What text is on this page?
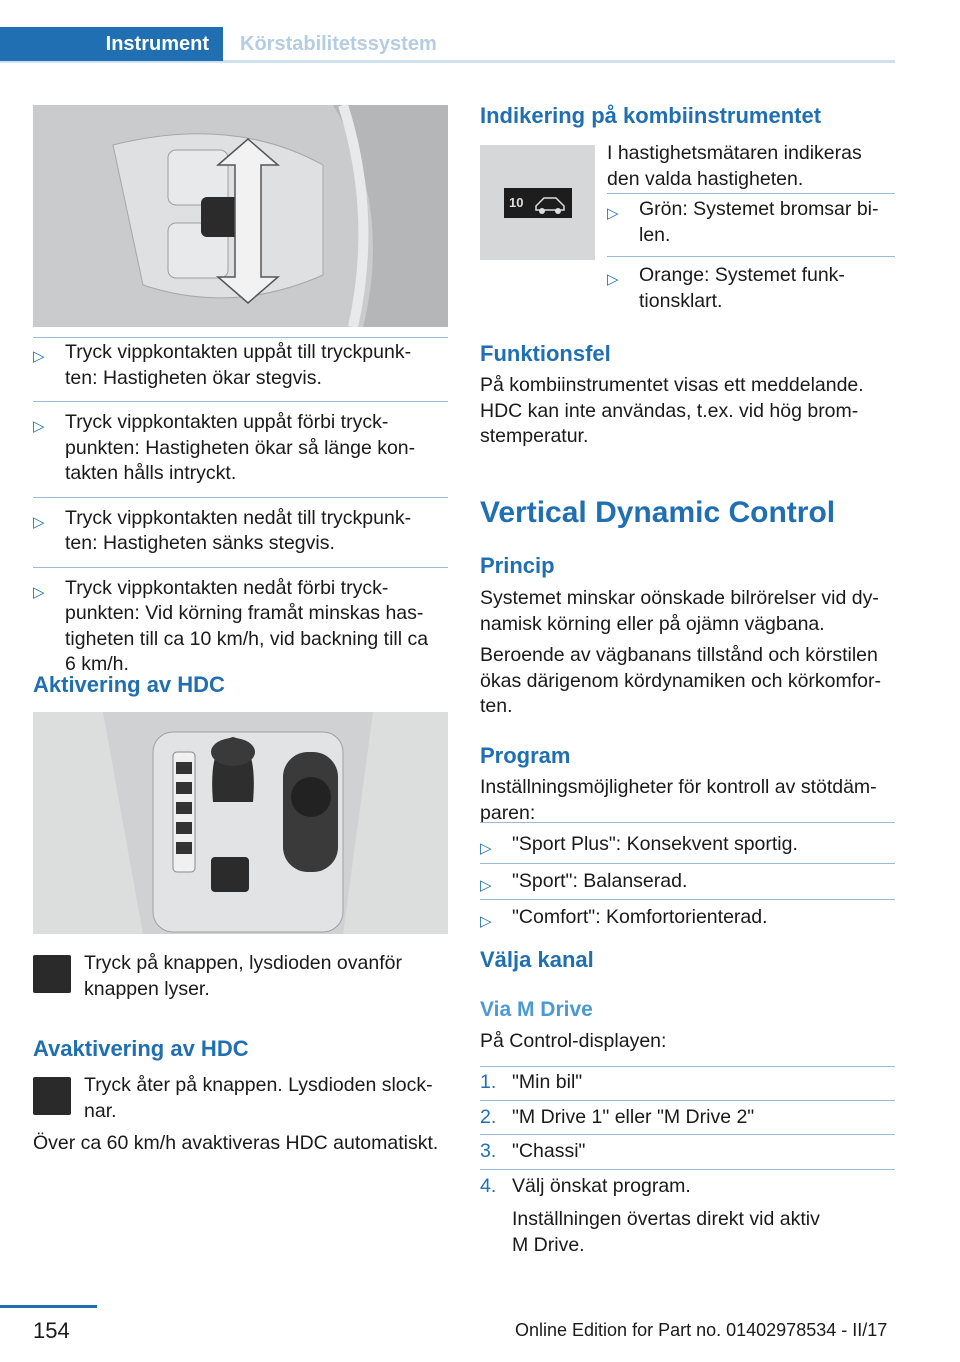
Instrument	Körstabilitetssystem
▷ Tryck vippkontakten uppåt till tryckpunk-
ten: Hastigheten ökar stegvis.
▷ Tryck vippkontakten uppåt förbi tryck-
punkten: Hastigheten ökar så länge kon-
takten hålls intryckt.
▷ Tryck vippkontakten nedåt till tryckpunk-
ten: Hastigheten sänks stegvis.
▷ Tryck vippkontakten nedåt förbi tryck-
punkten: Vid körning framåt minskas has-
tigheten till ca 10 km/h, vid backning till ca
6 km/h.
Aktivering av HDC
Tryck på knappen, lysdioden ovanför
knappen lyser.
Avaktivering av HDC
Tryck åter på knappen. Lysdioden slock-
nar.
Över ca 60 km/h avaktiveras HDC automatiskt.
Indikering på kombiinstrumentet
10
I hastighetsmätaren indikeras
den valda hastigheten.
▷ Grön: Systemet bromsar bi-
len.
▷ Orange: Systemet funk-
tionsklart.
Funktionsfel
På kombiinstrumentet visas ett meddelande.
HDC kan inte användas, t.ex. vid hög brom-
stemperatur.
Vertical Dynamic Control
Princip
Systemet minskar oönskade bilrörelser vid dy-
namisk körning eller på ojämn vägbana.
Beroende av vägbanans tillstånd och körstilen
ökas därigenom kördynamiken och körkomfor-
ten.
Program
Inställningsmöjligheter för kontroll av stötdäm-
paren:
▷ "Sport Plus": Konsekvent sportig.
▷ "Sport": Balanserad.
▷ "Comfort": Komfortorienterad.
Välja kanal
Via M Drive
På Control-displayen:
1. "Min bil"
2. "M Drive 1" eller "M Drive 2"
3. "Chassi"
4. Välj önskat program.
Inställningen övertas direkt vid aktiv
M Drive.
154	Online Edition for Part no. 01402978534 - II/17
